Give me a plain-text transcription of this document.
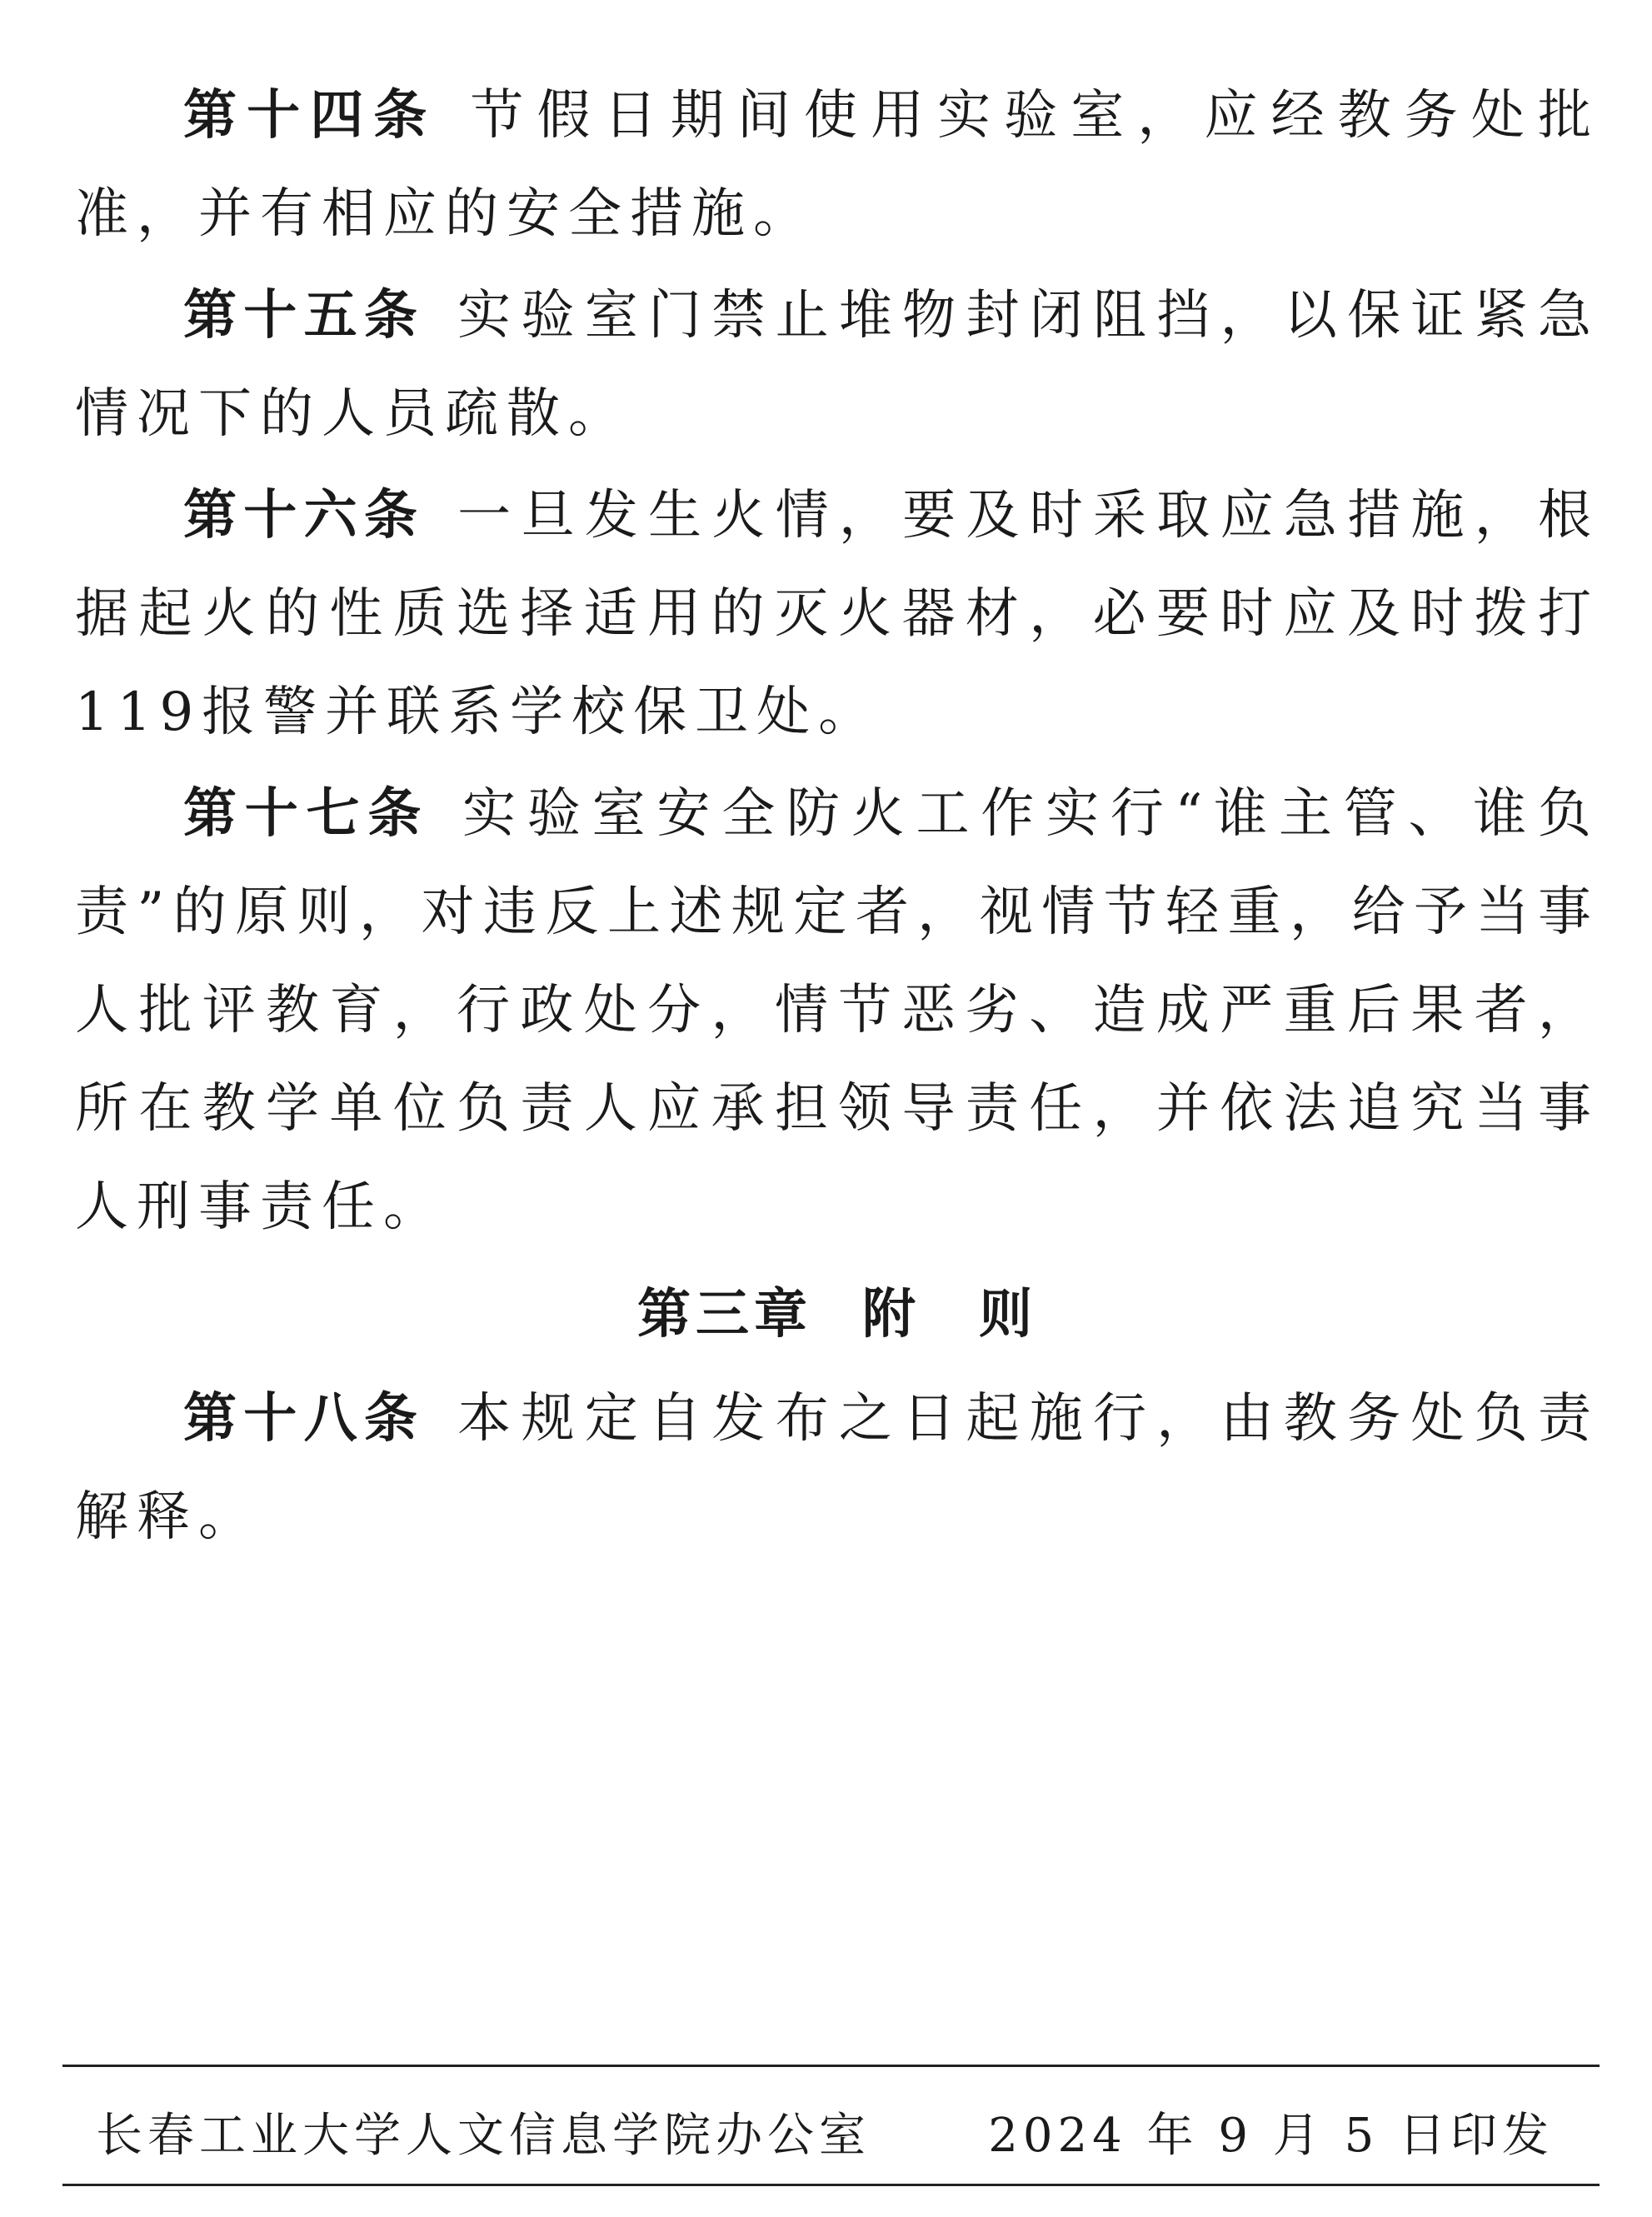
第十四条 节假日期间使用实验室，应经教务处批准，并有相应的安全措施。

第十五条 实验室门禁止堆物封闭阻挡，以保证紧急情况下的人员疏散。

第十六条 一旦发生火情，要及时采取应急措施，根据起火的性质选择适用的灭火器材，必要时应及时拨打119报警并联系学校保卫处。

第十七条 实验室安全防火工作实行“谁主管、谁负责”的原则，对违反上述规定者，视情节轻重，给予当事人批评教育，行政处分，情节恶劣、造成严重后果者，所在教学单位负责人应承担领导责任，并依法追究当事人刑事责任。

第三章 附　则

第十八条 本规定自发布之日起施行，由教务处负责解释。

长春工业大学人文信息学院办公室	2024 年 9 月 5 日印发
